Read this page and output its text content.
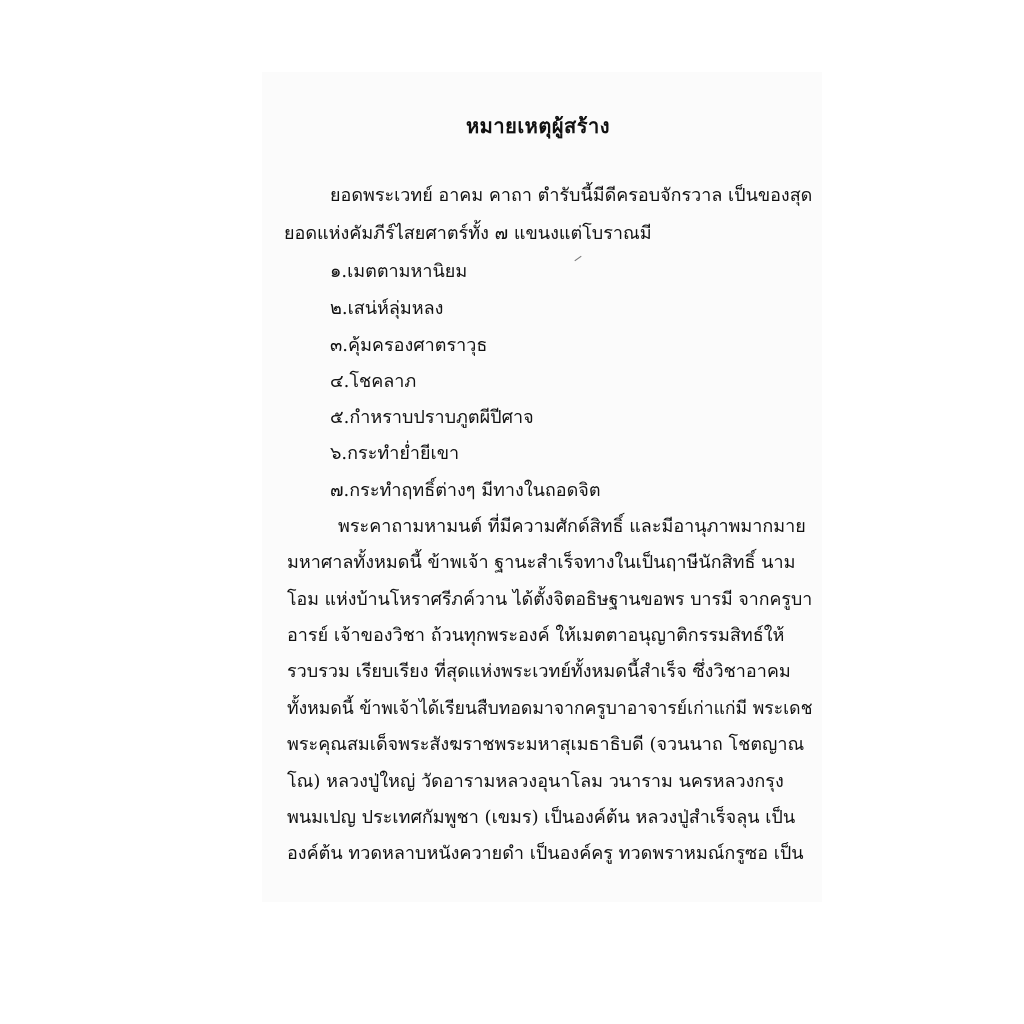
หมายเหตุผู้สร้าง
ยอดพระเวทย์ อาคม คาถา ตำรับนี้มีดีครอบจักรวาล เป็นของสุด
ยอดแห่งคัมภีร์ไสยศาตร์ทั้ง ๗ แขนงแต่โบราณมี
๑.เมตตามหานิยม
๒.เสน่ห์ลุ่มหลง
๓.คุ้มครองศาตราวุธ
๔.โชคลาภ
๕.กำหราบปราบภูตผีปีศาจ
๖.กระทำย่ำยีเขา
๗.กระทำฤทธิ์ต่างๆ มีทางในถอดจิต
พระคาถามหามนต์ ที่มีความศักด์สิทธิ์ และมีอานุภาพมากมาย
มหาศาลทั้งหมดนี้ ข้าพเจ้า ฐานะสำเร็จทางในเป็นฤาษีนักสิทธิ์ นาม
โอม แห่งบ้านโหราศรีภค์วาน ได้ตั้งจิตอธิษฐานขอพร บารมี จากครูบา
อารย์ เจ้าของวิชา ถ้วนทุกพระองค์ ให้เมตตาอนุญาติกรรมสิทธ์ให้
รวบรวม เรียบเรียง ที่สุดแห่งพระเวทย์ทั้งหมดนี้สำเร็จ ซึ่งวิชาอาคม
ทั้งหมดนี้ ข้าพเจ้าได้เรียนสืบทอดมาจากครูบาอาจารย์เก่าแก่มี พระเดช
พระคุณสมเด็จพระสังฆราชพระมหาสุเมธาธิบดี (จวนนาถ โชตญาณ
โณ) หลวงปู่ใหญ่ วัดอารามหลวงอุนาโลม วนาราม นครหลวงกรุง
พนมเปญ ประเทศกัมพูชา (เขมร) เป็นองค์ต้น หลวงปู่สำเร็จลุน เป็น
องค์ต้น ทวดหลาบหนังควายดำ เป็นองค์ครู ทวดพราหมณ์กรูซอ เป็น
